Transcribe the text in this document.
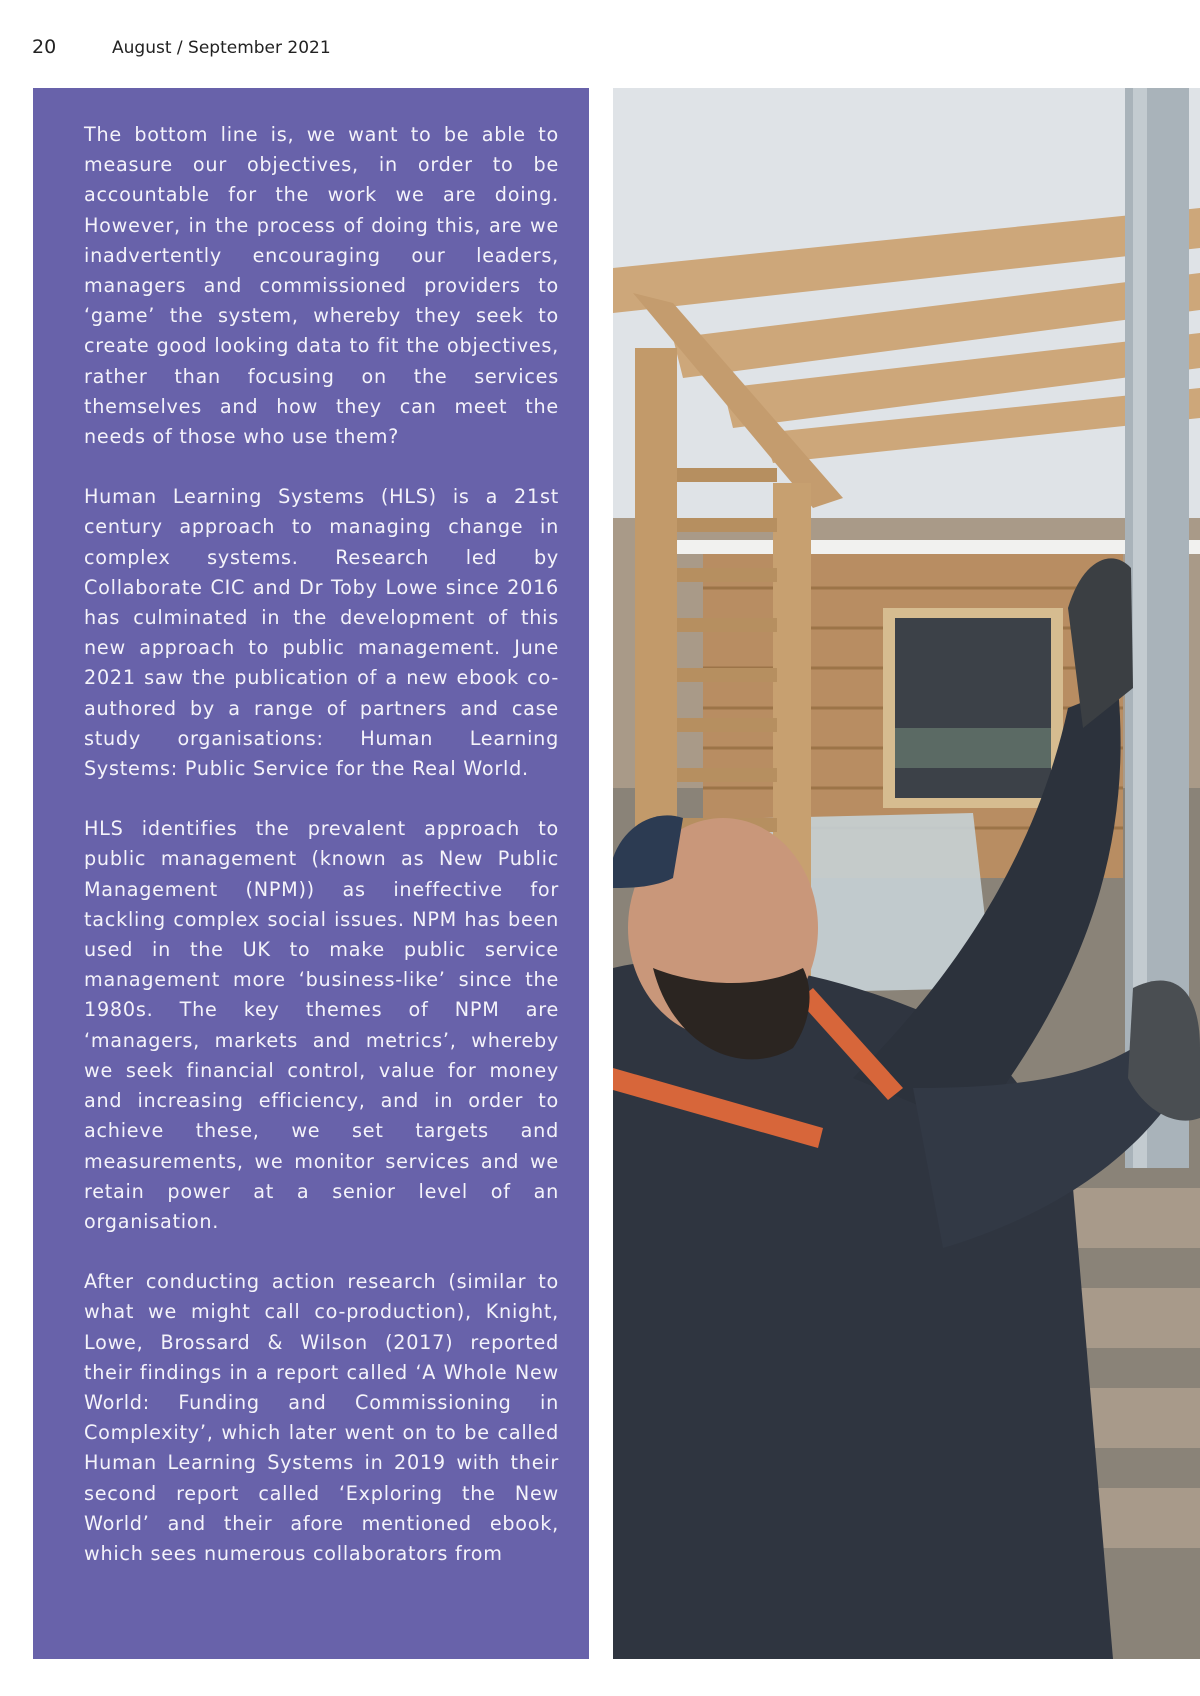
20	August / September 2021

The bottom line is, we want to be able to measure our objectives, in order to be accountable for the work we are doing. However, in the process of doing this, are we inadvertently encouraging our leaders, managers and commissioned providers to ‘game’ the system, whereby they seek to create good looking data to fit the objectives, rather than focusing on the services themselves and how they can meet the needs of those who use them?

Human Learning Systems (HLS) is a 21st century approach to managing change in complex systems. Research led by Collaborate CIC and Dr Toby Lowe since 2016 has culminated in the development of this new approach to public management. June 2021 saw the publication of a new ebook co-authored by a range of partners and case study organisations: Human Learning Systems: Public Service for the Real World.

HLS identifies the prevalent approach to public management (known as New Public Management (NPM)) as ineffective for tackling complex social issues. NPM has been used in the UK to make public service management more ‘business-like’ since the 1980s. The key themes of NPM are ‘managers, markets and metrics’, whereby we seek financial control, value for money and increasing efficiency, and in order to achieve these, we set targets and measurements, we monitor services and we retain power at a senior level of an organisation.

After conducting action research (similar to what we might call co-production), Knight, Lowe, Brossard & Wilson (2017) reported their findings in a report called ‘A Whole New World: Funding and Commissioning in Complexity’, which later went on to be called Human Learning Systems in 2019 with their second report called ‘Exploring the New World’ and their afore mentioned ebook, which sees numerous collaborators from
